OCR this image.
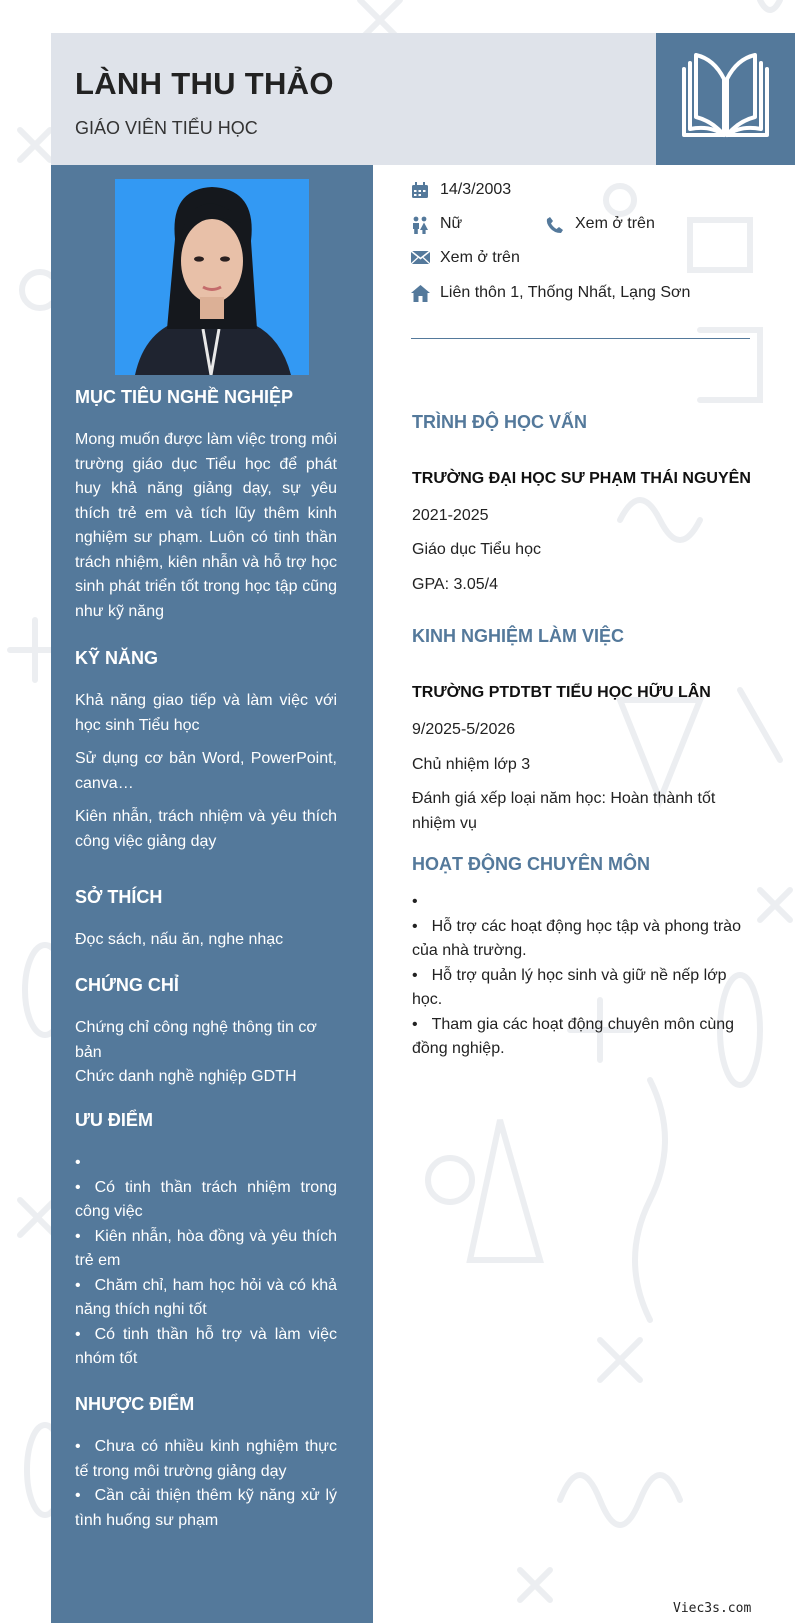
LÀNH THU THẢO
GIÁO VIÊN TIỂU HỌC
MỤC TIÊU NGHỀ NGHIỆP

Mong muốn được làm việc trong môi trường giáo dục Tiểu học để phát huy khả năng giảng dạy, sự yêu thích trẻ em và tích lũy thêm kinh nghiệm sư phạm. Luôn có tinh thần trách nhiệm, kiên nhẫn và hỗ trợ học sinh phát triển tốt trong học tập cũng như kỹ năng

KỸ NĂNG

Khả năng giao tiếp và làm việc với học sinh Tiểu học

Sử dụng cơ bản Word, PowerPoint, canva…

Kiên nhẫn, trách nhiệm và yêu thích công việc giảng dạy

SỞ THÍCH

Đọc sách, nấu ăn, nghe nhạc

CHỨNG CHỈ

Chứng chỉ công nghệ thông tin cơ bản

Chức danh nghề nghiệp GDTH

ƯU ĐIỂM
•
• Có tinh thần trách nhiệm trong công việc
• Kiên nhẫn, hòa đồng và yêu thích trẻ em
• Chăm chỉ, ham học hỏi và có khả năng thích nghi tốt
• Có tinh thần hỗ trợ và làm việc nhóm tốt
NHƯỢC ĐIỂM
• Chưa có nhiều kinh nghiệm thực tế trong môi trường giảng dạy
• Cần cải thiện thêm kỹ năng xử lý tình huống sư phạm
14/3/2003
Nữ	Xem ở trên
Xem ở trên
Liên thôn 1, Thống Nhất, Lạng Sơn
TRÌNH ĐỘ HỌC VẤN
TRƯỜNG ĐẠI HỌC SƯ PHẠM THÁI NGUYÊN
2021-2025
Giáo dục Tiểu học
GPA: 3.05/4
KINH NGHIỆM LÀM VIỆC
TRƯỜNG PTDTBT TIỂU HỌC HỮU LÂN
9/2025-5/2026
Chủ nhiệm lớp 3
Đánh giá xếp loại năm học: Hoàn thành tốt nhiệm vụ
HOẠT ĐỘNG CHUYÊN MÔN
•
• Hỗ trợ các hoạt động học tập và phong trào của nhà trường.
• Hỗ trợ quản lý học sinh và giữ nề nếp lớp học.
• Tham gia các hoạt động chuyên môn cùng đồng nghiệp.
Viec3s.com
